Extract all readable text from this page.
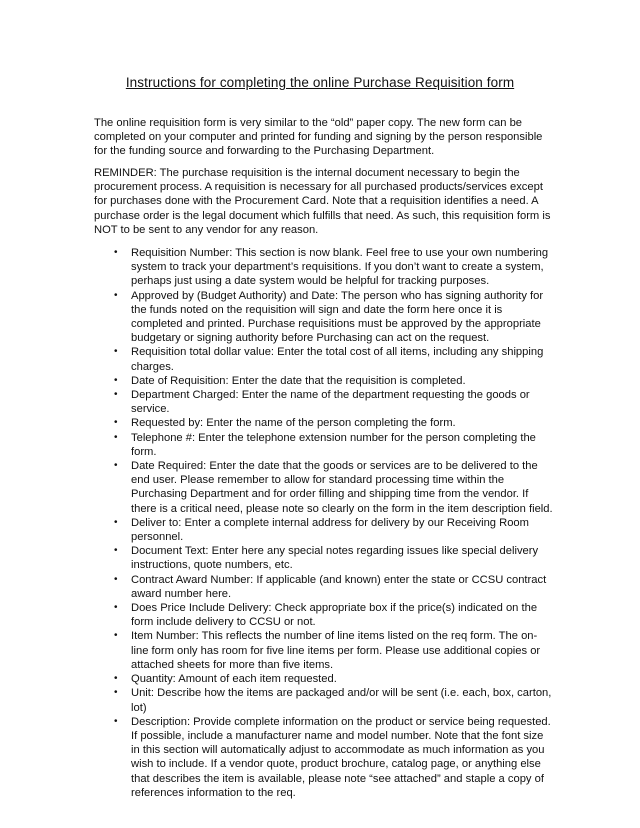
Instructions for completing the online Purchase Requisition form

The online requisition form is very similar to the “old” paper copy. The new form can be completed on your computer and printed for funding and signing by the person responsible for the funding source and forwarding to the Purchasing Department.

REMINDER: The purchase requisition is the internal document necessary to begin the procurement process. A requisition is necessary for all purchased products/services except for purchases done with the Procurement Card. Note that a requisition identifies a need. A purchase order is the legal document which fulfills that need. As such, this requisition form is NOT to be sent to any vendor for any reason.

• Requisition Number: This section is now blank. Feel free to use your own numbering system to track your department’s requisitions. If you don’t want to create a system, perhaps just using a date system would be helpful for tracking purposes.
• Approved by (Budget Authority) and Date: The person who has signing authority for the funds noted on the requisition will sign and date the form here once it is completed and printed. Purchase requisitions must be approved by the appropriate budgetary or signing authority before Purchasing can act on the request.
• Requisition total dollar value: Enter the total cost of all items, including any shipping charges.
• Date of Requisition: Enter the date that the requisition is completed.
• Department Charged: Enter the name of the department requesting the goods or service.
• Requested by: Enter the name of the person completing the form.
• Telephone #: Enter the telephone extension number for the person completing the form.
• Date Required: Enter the date that the goods or services are to be delivered to the end user. Please remember to allow for standard processing time within the Purchasing Department and for order filling and shipping time from the vendor. If there is a critical need, please note so clearly on the form in the item description field.
• Deliver to: Enter a complete internal address for delivery by our Receiving Room personnel.
• Document Text: Enter here any special notes regarding issues like special delivery instructions, quote numbers, etc.
• Contract Award Number: If applicable (and known) enter the state or CCSU contract award number here.
• Does Price Include Delivery: Check appropriate box if the price(s) indicated on the form include delivery to CCSU or not.
• Item Number: This reflects the number of line items listed on the req form. The on-line form only has room for five line items per form. Please use additional copies or attached sheets for more than five items.
• Quantity: Amount of each item requested.
• Unit: Describe how the items are packaged and/or will be sent (i.e. each, box, carton, lot)
• Description: Provide complete information on the product or service being requested. If possible, include a manufacturer name and model number. Note that the font size in this section will automatically adjust to accommodate as much information as you wish to include. If a vendor quote, product brochure, catalog page, or anything else that describes the item is available, please note “see attached” and staple a copy of references information to the req.
